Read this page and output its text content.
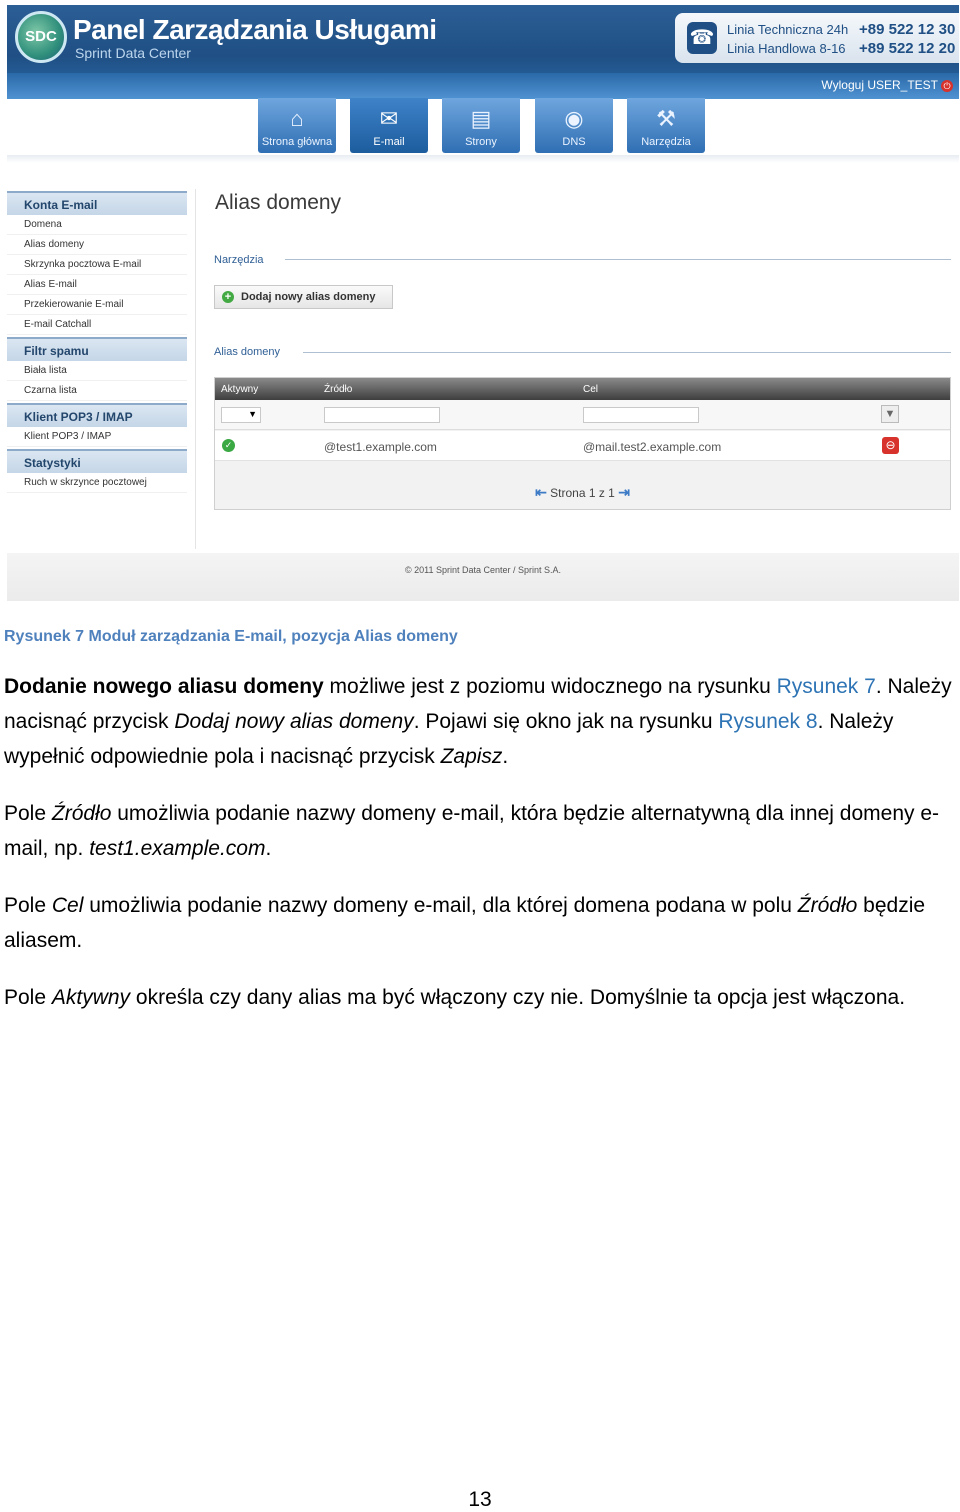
SDC Panel Zarządzania Usługami
Sprint Data Center
☎ Linia Techniczna 24h +89 522 12 30
Linia Handlowa 8-16 +89 522 12 20
Wyloguj USER_TEST ⏻
⌂
Strona główna
✉
E-mail
▤
Strony
◉
DNS
⚒
Narzędzia
Konta E-mail
Domena
Alias domeny
Skrzynka pocztowa E-mail
Alias E-mail
Przekierowanie E-mail
E-mail Catchall
Filtr spamu
Biała lista
Czarna lista
Klient POP3 / IMAP
Klient POP3 / IMAP
Statystyki
Ruch w skrzynce pocztowej
Alias domeny
Narzędzia
+ Dodaj nowy alias domeny
Alias domeny
Aktywny	Źródło	Cel
▼	▼
✓	@test1.example.com	@mail.test2.example.com	⊖
⇤ Strona 1 z 1 ⇥
© 2011 Sprint Data Center / Sprint S.A.
Rysunek 7 Moduł zarządzania E-mail, pozycja Alias domeny
Dodanie nowego aliasu domeny możliwe jest z poziomu widocznego na rysunku Rysunek 7. Należy nacisnąć przycisk Dodaj nowy alias domeny. Pojawi się okno jak na rysunku Rysunek 8. Należy wypełnić odpowiednie pola i nacisnąć przycisk Zapisz.
Pole Źródło umożliwia podanie nazwy domeny e-mail, która będzie alternatywną dla innej domeny e-mail, np. test1.example.com.
Pole Cel umożliwia podanie nazwy domeny e-mail, dla której domena podana w polu Źródło będzie aliasem.
Pole Aktywny określa czy dany alias ma być włączony czy nie. Domyślnie ta opcja jest włączona.
13
